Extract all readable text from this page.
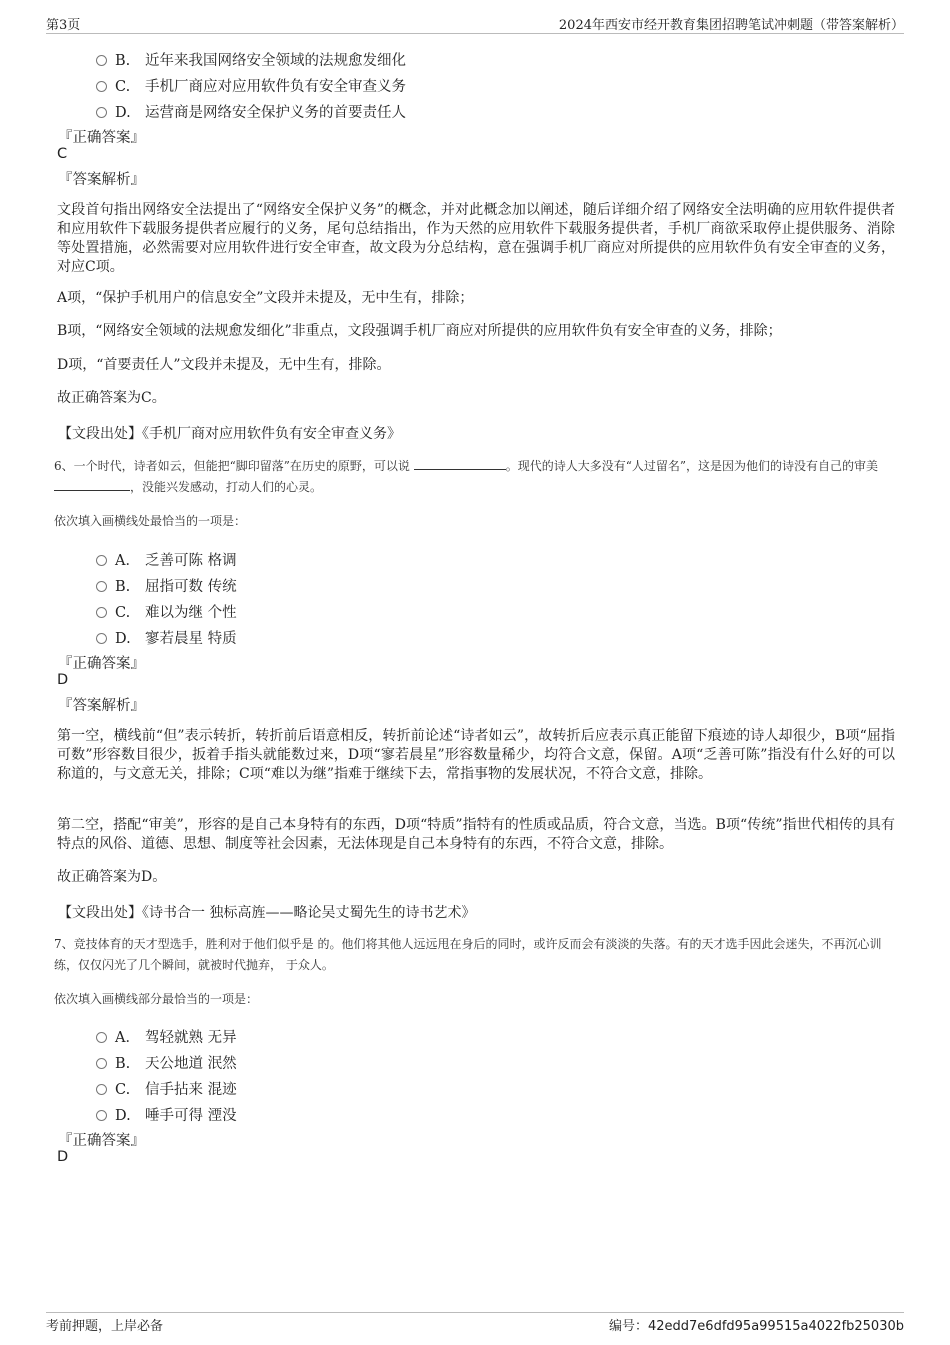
第3页	2024年西安市经开教育集团招聘笔试冲刺题（带答案解析）
B. 近年来我国网络安全领域的法规愈发细化
C. 手机厂商应对应用软件负有安全审查义务
D. 运营商是网络安全保护义务的首要责任人
『正确答案』
C
『答案解析』
文段首句指出网络安全法提出了“网络安全保护义务”的概念，并对此概念加以阐述，随后详细介绍了网络安全法明确的应用软件提供者和应用软件下载服务提供者应履行的义务，尾句总结指出，作为天然的应用软件下载服务提供者，手机厂商欲采取停止提供服务、消除等处置措施，必然需要对应用软件进行安全审查，故文段为分总结构，意在强调手机厂商应对所提供的应用软件负有安全审查的义务，对应C项。
A项，“保护手机用户的信息安全”文段并未提及，无中生有，排除；
B项，“网络安全领域的法规愈发细化”非重点，文段强调手机厂商应对所提供的应用软件负有安全审查的义务，排除；
D项，“首要责任人”文段并未提及，无中生有，排除。
故正确答案为C。
【文段出处】《手机厂商对应用软件负有安全审查义务》
6、一个时代，诗者如云，但能把“脚印留落”在历史的原野，可以说	。现代的诗人大多没有“人过留名”，这是因为他们的诗没有自己的审美 ，没能兴发感动，打动人们的心灵。
依次填入画横线处最恰当的一项是：
A． 乏善可陈 格调
B. 屈指可数 传统
C. 难以为继 个性
D. 寥若晨星 特质
『正确答案』
D
『答案解析』
第一空，横线前“但”表示转折，转折前后语意相反，转折前论述“诗者如云”，故转折后应表示真正能留下痕迹的诗人却很少，B项“屈指可数”形容数目很少，扳着手指头就能数过来，D项“寥若晨星”形容数量稀少，均符合文意，保留。A项“乏善可陈”指没有什么好的可以称道的，与文意无关，排除；C项“难以为继”指难于继续下去，常指事物的发展状况，不符合文意，排除。
第二空，搭配“审美”，形容的是自己本身特有的东西，D项“特质”指特有的性质或品质，符合文意，当选。B项“传统”指世代相传的具有特点的风俗、道德、思想、制度等社会因素，无法体现是自己本身特有的东西，不符合文意，排除。
故正确答案为D。
【文段出处】《诗书合一 独标高旌——略论吴丈蜀先生的诗书艺术》
7、竞技体育的天才型选手，胜利对于他们似乎是 的。他们将其他人远远甩在身后的同时，或许反而会有淡淡的失落。有的天才选手因此会迷失，不再沉心训练，仅仅闪光了几个瞬间，就被时代抛弃， 于众人。
依次填入画横线部分最恰当的一项是：
A． 驾轻就熟 无异
B. 天公地道 泯然
C. 信手拈来 混迹
D. 唾手可得 湮没
『正确答案』
D
考前押题，上岸必备	编号：42edd7e6dfd95a99515a4022fb25030b
